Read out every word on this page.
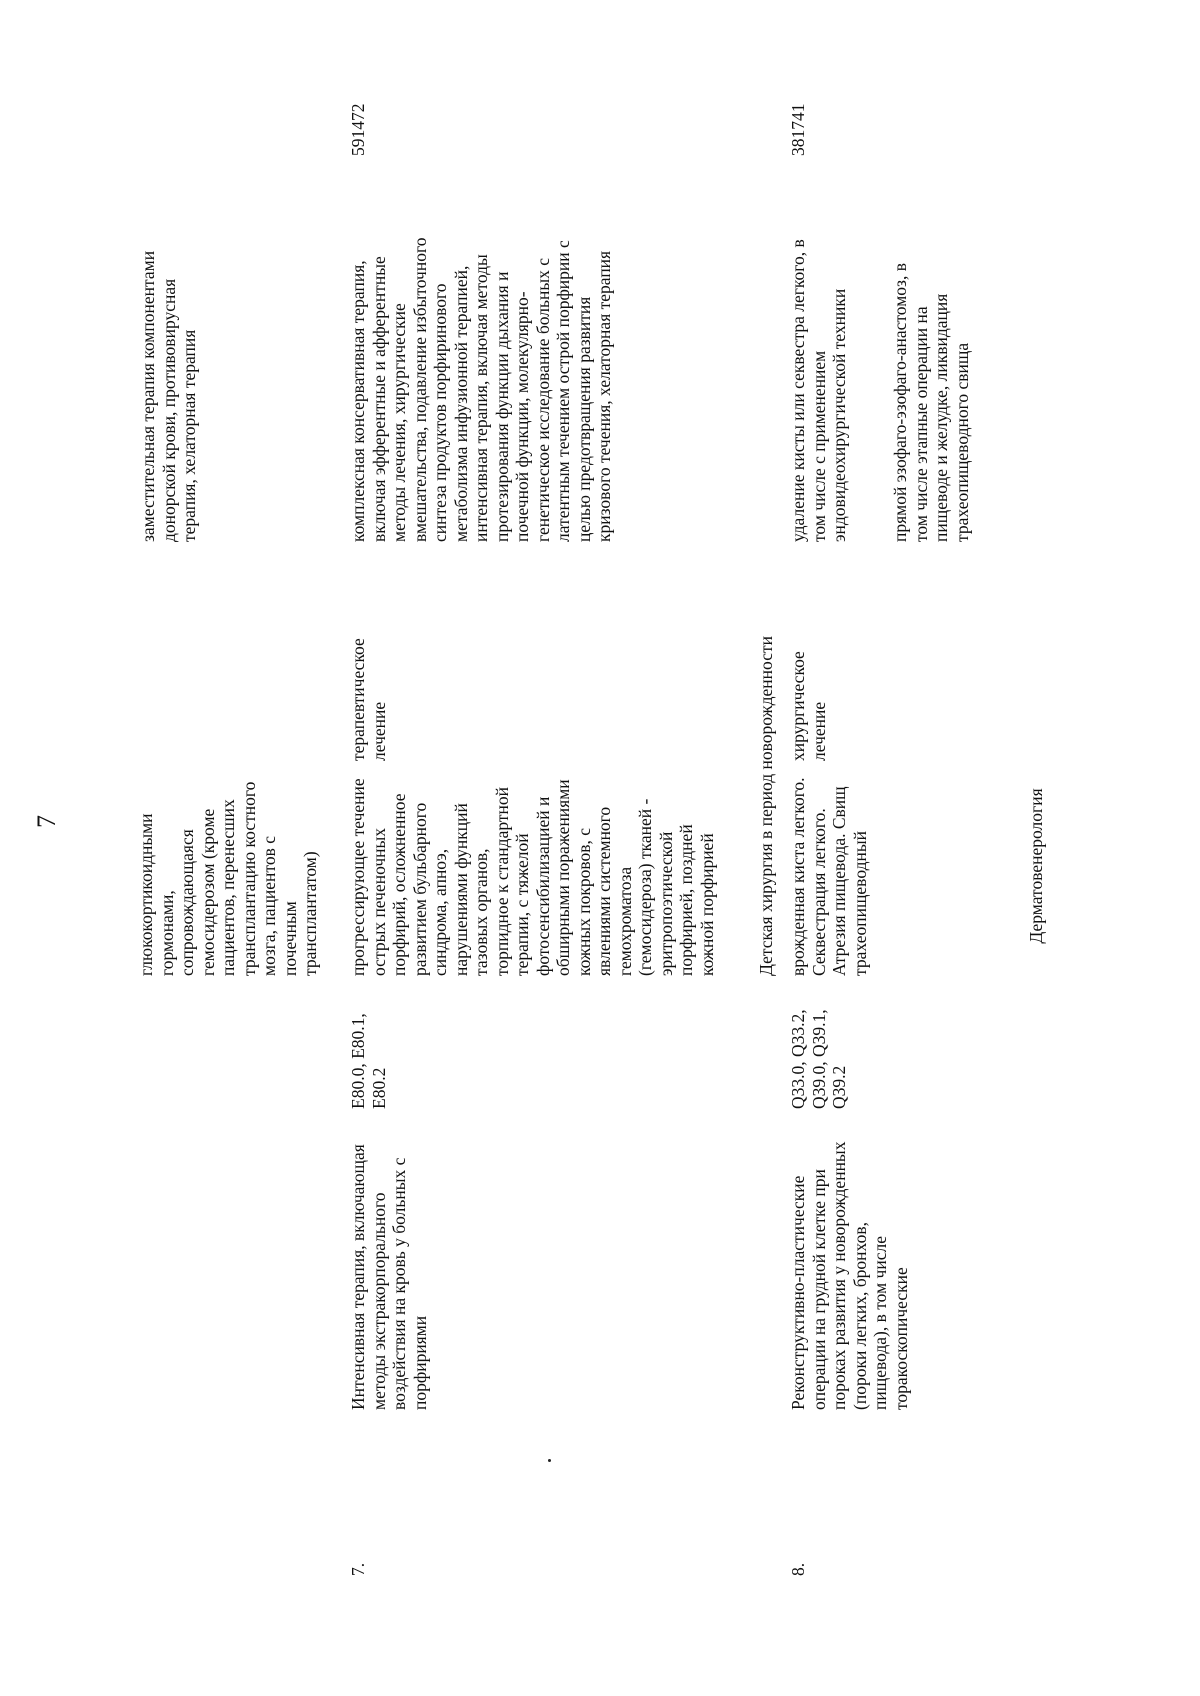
7	глюкокортикоидными
гормонами,
сопровождающаяся
гемосидерозом (кроме
пациентов, перенесших
трансплантацию костного
мозга, пациентов с
почечным
трансплантатом)
заместительная терапия компонентами
донорской крови, противовирусная
терапия, хелаторная терапия
7.
Интенсивная терапия, включающая
методы экстракорпорального
воздействия на кровь у больных с
порфириями
E80.0, E80.1,
E80.2
прогрессирующее течение
острых печеночных
порфирий, осложненное
развитием бульбарного
синдрома, апноэ,
нарушениями функций
тазовых органов,
торпидное к стандартной
терапии, с тяжелой
фотосенсибилизацией и
обширными поражениями
кожных покровов, с
явлениями системного
гемохроматоза
(гемосидероза) тканей -
эритропоэтической
порфирией, поздней
кожной порфирией
терапевтическое
лечение
комплексная консервативная терапия,
включая эфферентные и афферентные
методы лечения, хирургические
вмешательства, подавление избыточного
синтеза продуктов порфиринового
метаболизма инфузионной терапией,
интенсивная терапия, включая методы
протезирования функции дыхания и
почечной функции, молекулярно-
генетическое исследование больных с
латентным течением острой порфирии с
целью предотвращения развития
кризового течения, хелаторная терапия
591472
Детская хирургия в период новорожденности
8.
Реконструктивно-пластические
операции на грудной клетке при
пороках развития у новорожденных
(пороки легких, бронхов,
пищевода), в том числе
торакоскопические
Q33.0, Q33.2,
Q39.0, Q39.1,
Q39.2
врожденная киста легкого.
Секвестрация легкого.
Атрезия пищевода. Свищ
трахеопищеводный
хирургическое
лечение
удаление кисты или секвестра легкого, в
том числе с применением
эндовидеохирургической техники
прямой эзофаго-эзофаго-анастомоз, в
том числе этапные операции на
пищеводе и желудке, ликвидация
трахеопищеводного свища
381741
Дерматовенерология
